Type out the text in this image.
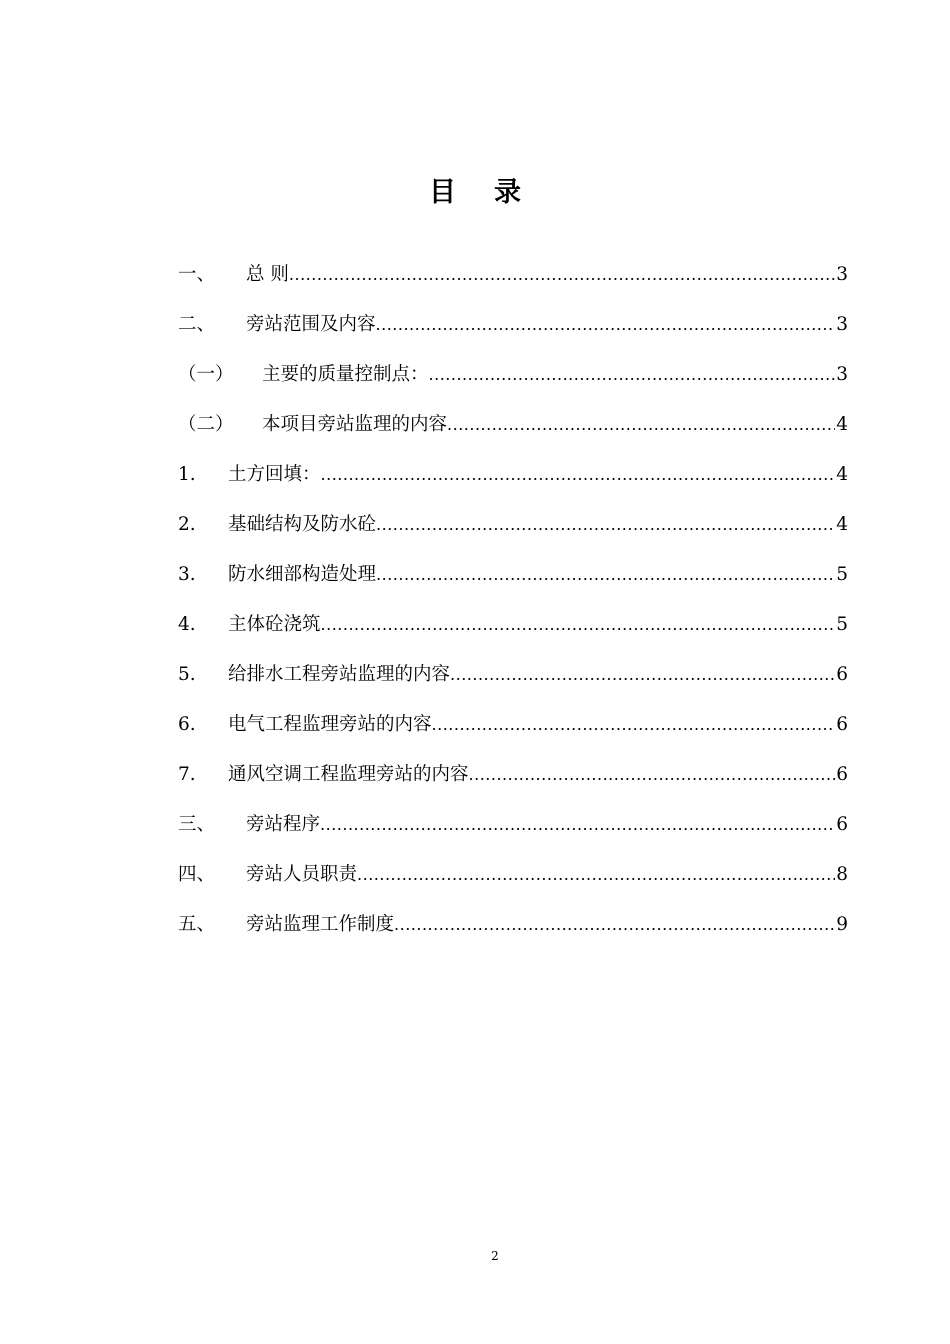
目 录
一、	总 则 .....	3
二、	旁站范围及内容 .....	3
（一）	主要的质量控制点： .....	3
（二）	本项目旁站监理的内容 .....	4
1.	土方回填： .....	4
2.	基础结构及防水砼 .....	4
3.	防水细部构造处理 .....	5
4.	主体砼浇筑 .....	5
5.	给排水工程旁站监理的内容 .....	6
6.	电气工程监理旁站的内容 .....	6
7.	通风空调工程监理旁站的内容 .....	6
三、	旁站程序 .....	6
四、	旁站人员职责 .....	8
五、	旁站监理工作制度 .....	9
2
